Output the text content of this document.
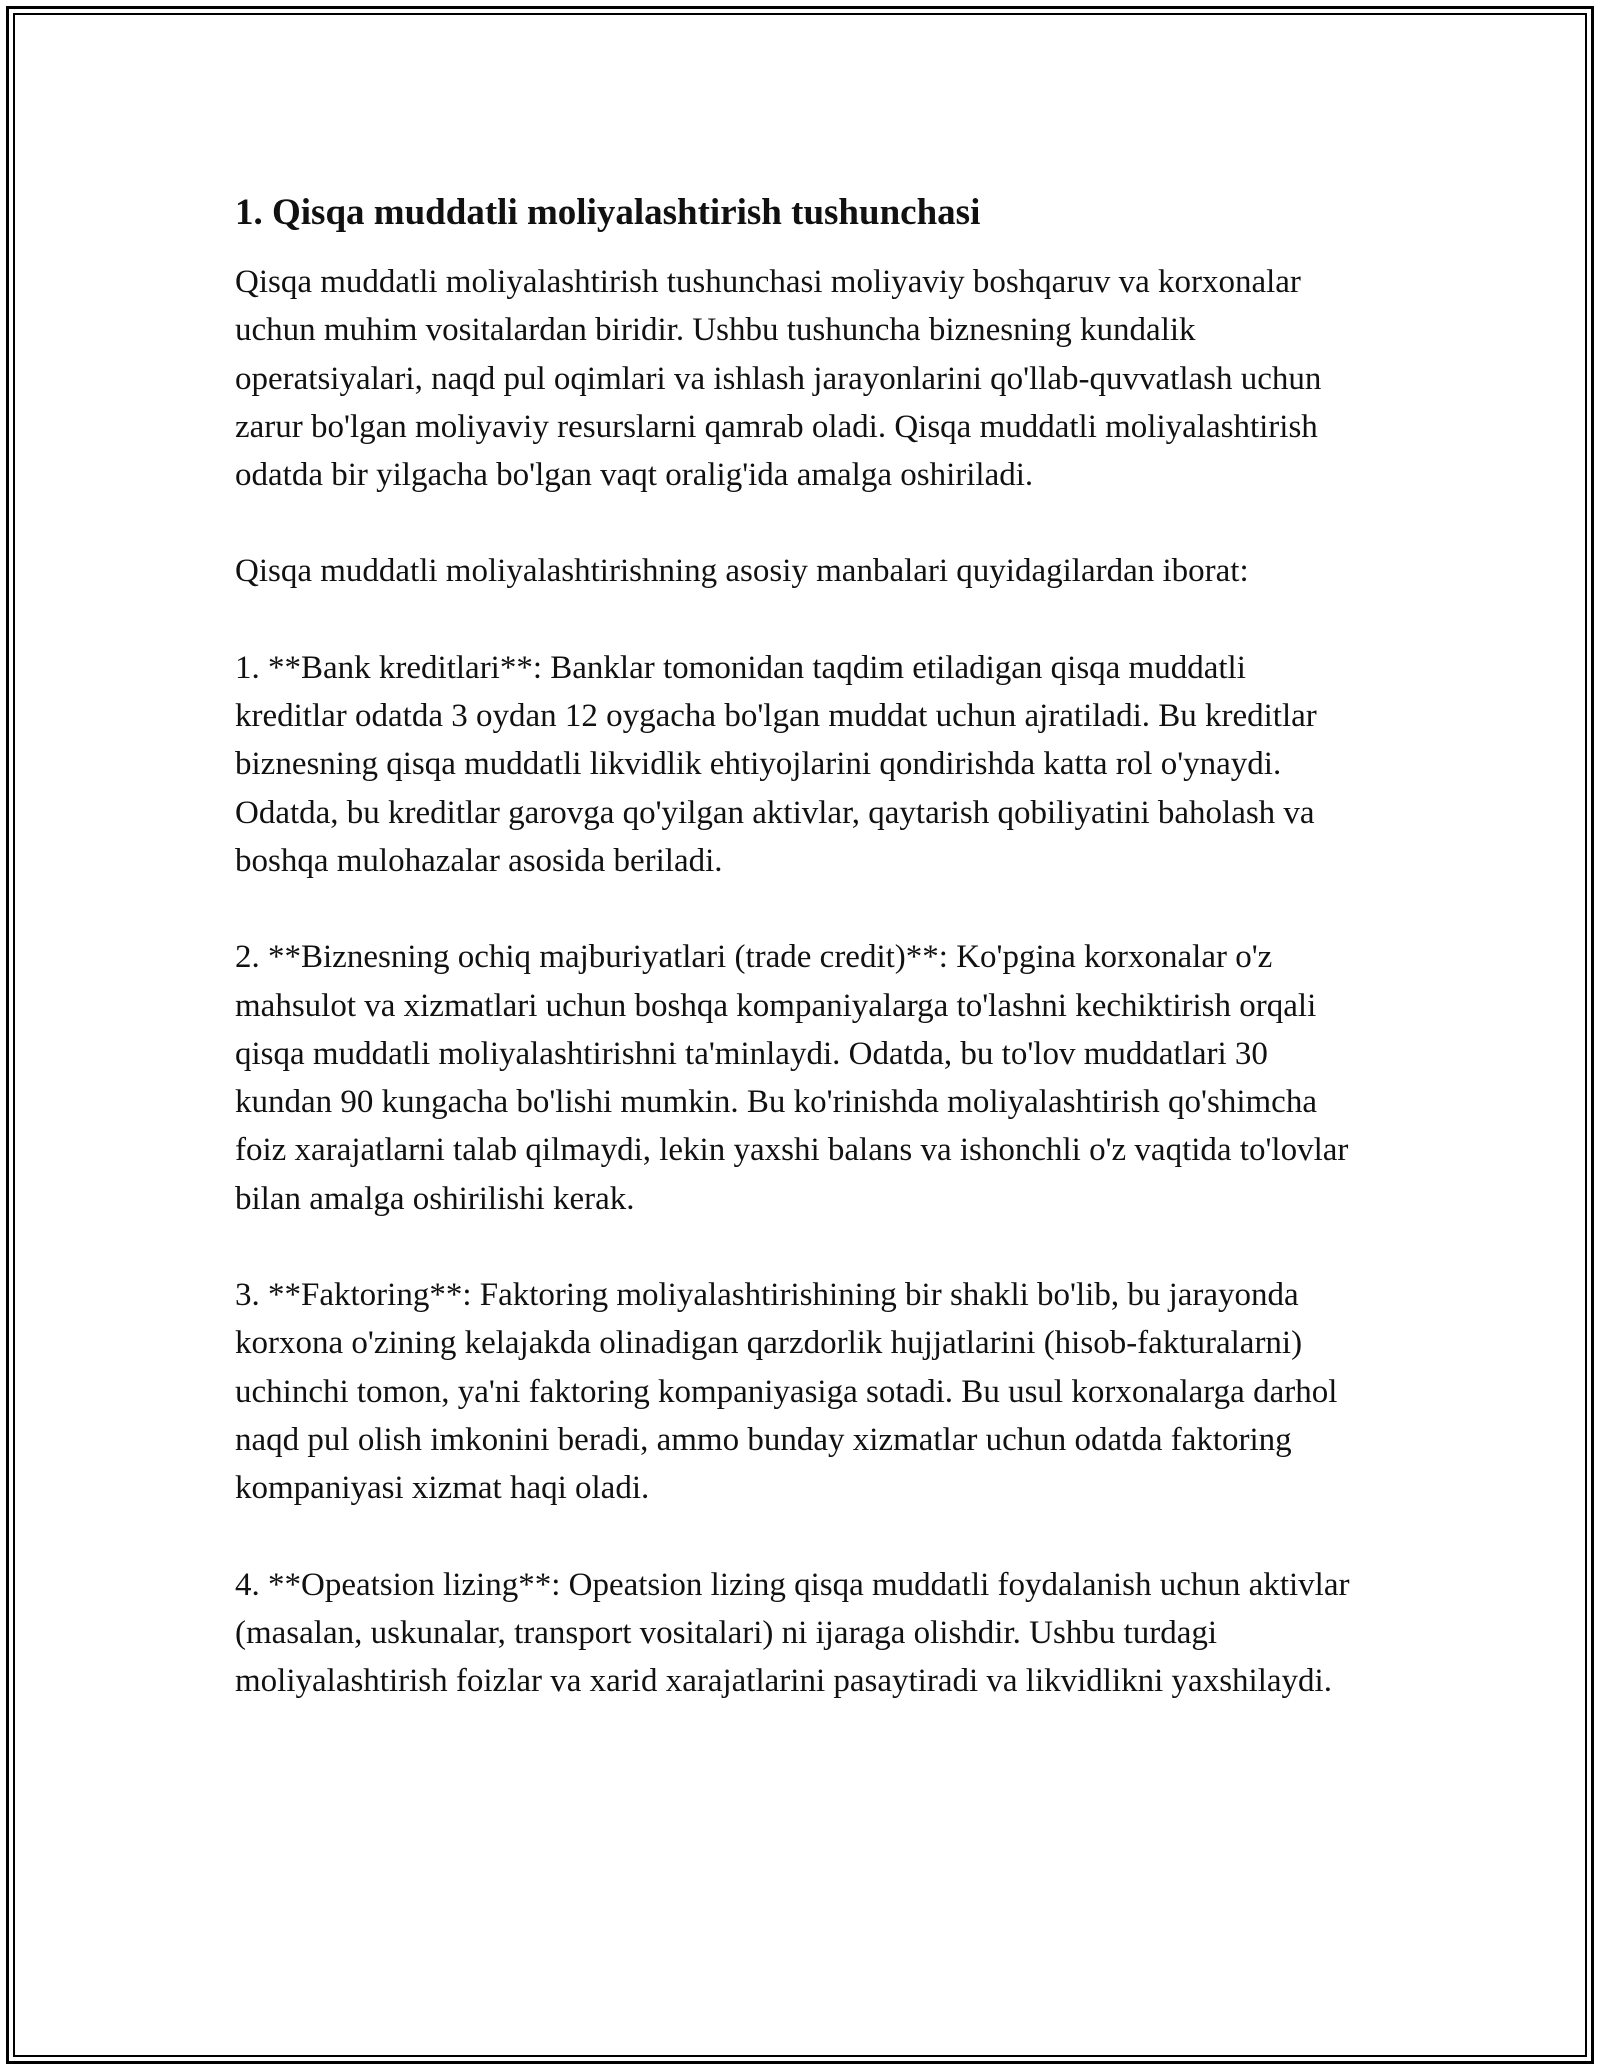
1. Qisqa muddatli moliyalashtirish tushunchasi

Qisqa muddatli moliyalashtirish tushunchasi moliyaviy boshqaruv va korxonalar uchun muhim vositalardan biridir. Ushbu tushuncha biznesning kundalik operatsiyalari, naqd pul oqimlari va ishlash jarayonlarini qo'llab-quvvatlash uchun zarur bo'lgan moliyaviy resurslarni qamrab oladi. Qisqa muddatli moliyalashtirish odatda bir yilgacha bo'lgan vaqt oralig'ida amalga oshiriladi.

Qisqa muddatli moliyalashtirishning asosiy manbalari quyidagilardan iborat:

1. **Bank kreditlari**: Banklar tomonidan taqdim etiladigan qisqa muddatli kreditlar odatda 3 oydan 12 oygacha bo'lgan muddat uchun ajratiladi. Bu kreditlar biznesning qisqa muddatli likvidlik ehtiyojlarini qondirishda katta rol o'ynaydi. Odatda, bu kreditlar garovga qo'yilgan aktivlar, qaytarish qobiliyatini baholash va boshqa mulohazalar asosida beriladi.

2. **Biznesning ochiq majburiyatlari (trade credit)**: Ko'pgina korxonalar o'z mahsulot va xizmatlari uchun boshqa kompaniyalarga to'lashni kechiktirish orqali qisqa muddatli moliyalashtirishni ta'minlaydi. Odatda, bu to'lov muddatlari 30 kundan 90 kungacha bo'lishi mumkin. Bu ko'rinishda moliyalashtirish qo'shimcha foiz xarajatlarni talab qilmaydi, lekin yaxshi balans va ishonchli o'z vaqtida to'lovlar bilan amalga oshirilishi kerak.

3. **Faktoring**: Faktoring moliyalashtirishining bir shakli bo'lib, bu jarayonda korxona o'zining kelajakda olinadigan qarzdorlik hujjatlarini (hisob-fakturalarni) uchinchi tomon, ya'ni faktoring kompaniyasiga sotadi. Bu usul korxonalarga darhol naqd pul olish imkonini beradi, ammo bunday xizmatlar uchun odatda faktoring kompaniyasi xizmat haqi oladi.

4. **Opeatsion lizing**: Opeatsion lizing qisqa muddatli foydalanish uchun aktivlar (masalan, uskunalar, transport vositalari) ni ijaraga olishdir. Ushbu turdagi moliyalashtirish foizlar va xarid xarajatlarini pasaytiradi va likvidlikni yaxshilaydi.
